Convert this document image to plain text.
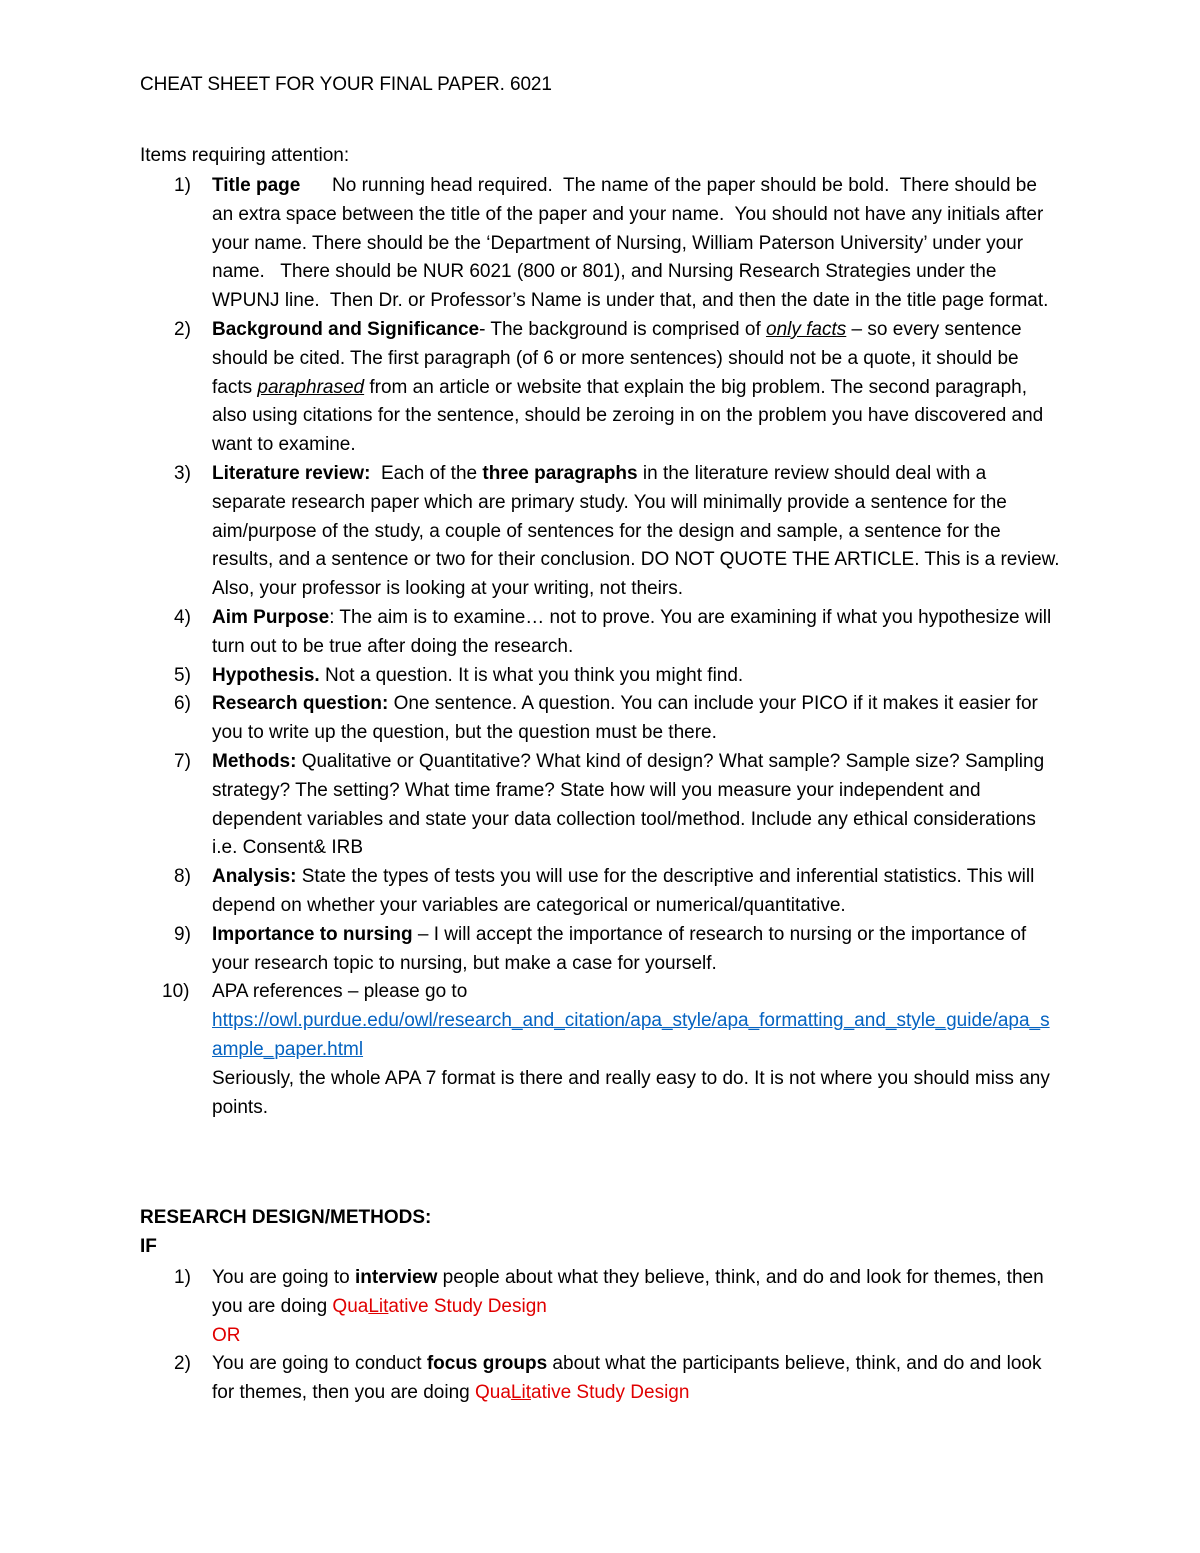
CHEAT SHEET FOR YOUR FINAL PAPER. 6021
Items requiring attention:
1) Title page      No running head required.  The name of the paper should be bold.  There should be an extra space between the title of the paper and your name.  You should not have any initials after your name. There should be the ‘Department of Nursing, William Paterson University’ under your name.   There should be NUR 6021 (800 or 801), and Nursing Research Strategies under the WPUNJ line.  Then Dr. or Professor’s Name is under that, and then the date in the title page format.
2) Background and Significance- The background is comprised of only facts – so every sentence should be cited. The first paragraph (of 6 or more sentences) should not be a quote, it should be facts paraphrased from an article or website that explain the big problem. The second paragraph, also using citations for the sentence, should be zeroing in on the problem you have discovered and want to examine.
3) Literature review:  Each of the three paragraphs in the literature review should deal with a separate research paper which are primary study. You will minimally provide a sentence for the aim/purpose of the study, a couple of sentences for the design and sample, a sentence for the results, and a sentence or two for their conclusion. DO NOT QUOTE THE ARTICLE. This is a review. Also, your professor is looking at your writing, not theirs.
4) Aim Purpose: The aim is to examine… not to prove. You are examining if what you hypothesize will turn out to be true after doing the research.
5) Hypothesis. Not a question. It is what you think you might find.
6) Research question: One sentence. A question. You can include your PICO if it makes it easier for you to write up the question, but the question must be there.
7) Methods: Qualitative or Quantitative? What kind of design? What sample? Sample size? Sampling strategy? The setting? What time frame? State how will you measure your independent and dependent variables and state your data collection tool/method. Include any ethical considerations i.e. Consent& IRB
8) Analysis: State the types of tests you will use for the descriptive and inferential statistics. This will depend on whether your variables are categorical or numerical/quantitative.
9) Importance to nursing – I will accept the importance of research to nursing or the importance of your research topic to nursing, but make a case for yourself.
10) APA references – please go to
https://owl.purdue.edu/owl/research_and_citation/apa_style/apa_formatting_and_style_guide/apa_sample_paper.html
Seriously, the whole APA 7 format is there and really easy to do. It is not where you should miss any points.
RESEARCH DESIGN/METHODS:
IF
1) You are going to interview people about what they believe, think, and do and look for themes, then you are doing QuaLitative Study Design
OR
2) You are going to conduct focus groups about what the participants believe, think, and do and look for themes, then you are doing QuaLitative Study Design
